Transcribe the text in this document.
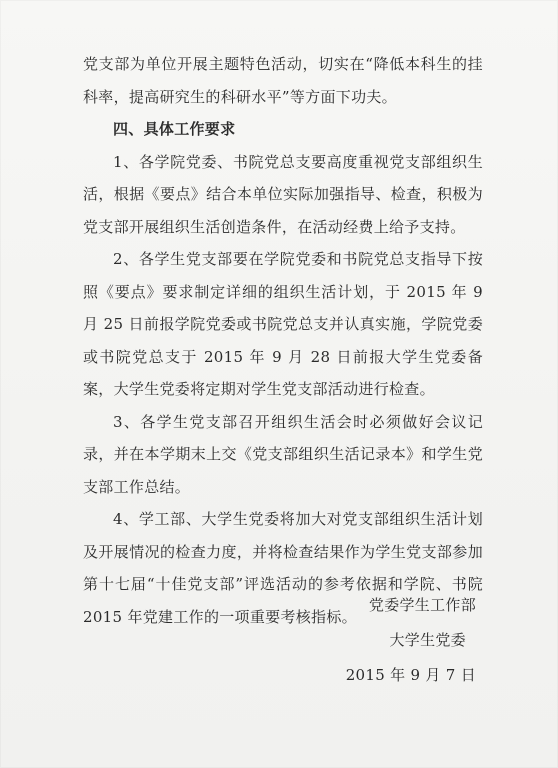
党支部为单位开展主题特色活动，切实在“降低本科生的挂科率，提高研究生的科研水平”等方面下功夫。

四、具体工作要求

1、各学院党委、书院党总支要高度重视党支部组织生活，根据《要点》结合本单位实际加强指导、检查，积极为党支部开展组织生活创造条件，在活动经费上给予支持。

2、各学生党支部要在学院党委和书院党总支指导下按照《要点》要求制定详细的组织生活计划，于 2015 年 9 月 25 日前报学院党委或书院党总支并认真实施，学院党委或书院党总支于 2015 年 9 月 28 日前报大学生党委备案，大学生党委将定期对学生党支部活动进行检查。

3、各学生党支部召开组织生活会时必须做好会议记录，并在本学期末上交《党支部组织生活记录本》和学生党支部工作总结。

4、学工部、大学生党委将加大对党支部组织生活计划及开展情况的检查力度，并将检查结果作为学生党支部参加第十七届“十佳党支部”评选活动的参考依据和学院、书院 2015 年党建工作的一项重要考核指标。

党委学生工作部
大学生党委
2015 年 9 月 7 日
